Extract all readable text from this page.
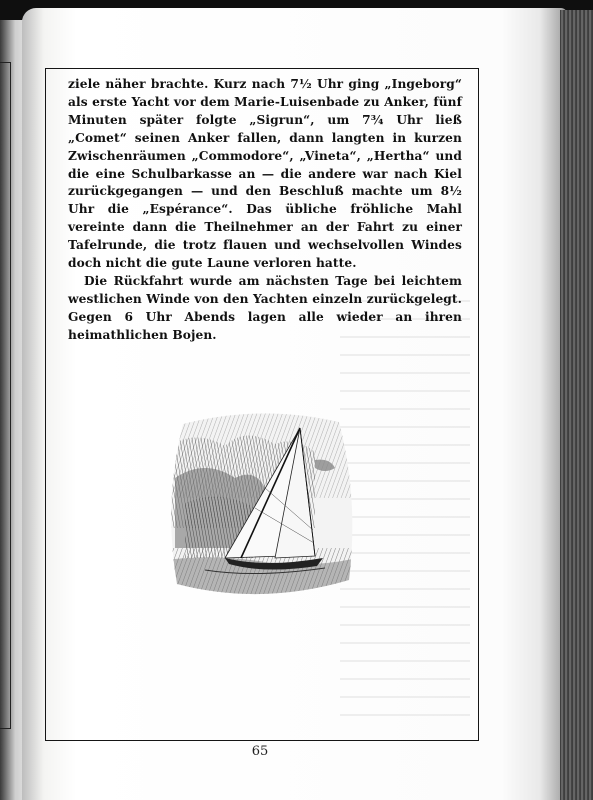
ziele näher brachte. Kurz nach 7½ Uhr ging „Ingeborg“ als erste Yacht vor dem Marie-Luisenbade zu Anker, fünf Minuten später folgte „Sigrun“, um 7¾ Uhr ließ „Comet“ seinen Anker fallen, dann langten in kurzen Zwischenräumen „Commodore“, „Vineta“, „Hertha“ und die eine Schulbarkasse an — die andere war nach Kiel zurückgegangen — und den Beschluß machte um 8½ Uhr die „Espérance“. Das übliche fröhliche Mahl vereinte dann die Theilnehmer an der Fahrt zu einer Tafelrunde, die trotz flauen und wechselvollen Windes doch nicht die gute Laune verloren hatte.

Die Rückfahrt wurde am nächsten Tage bei leichtem westlichen Winde von den Yachten einzeln zurückgelegt. Gegen 6 Uhr Abends lagen alle wieder an ihren heimathlichen Bojen.

65
